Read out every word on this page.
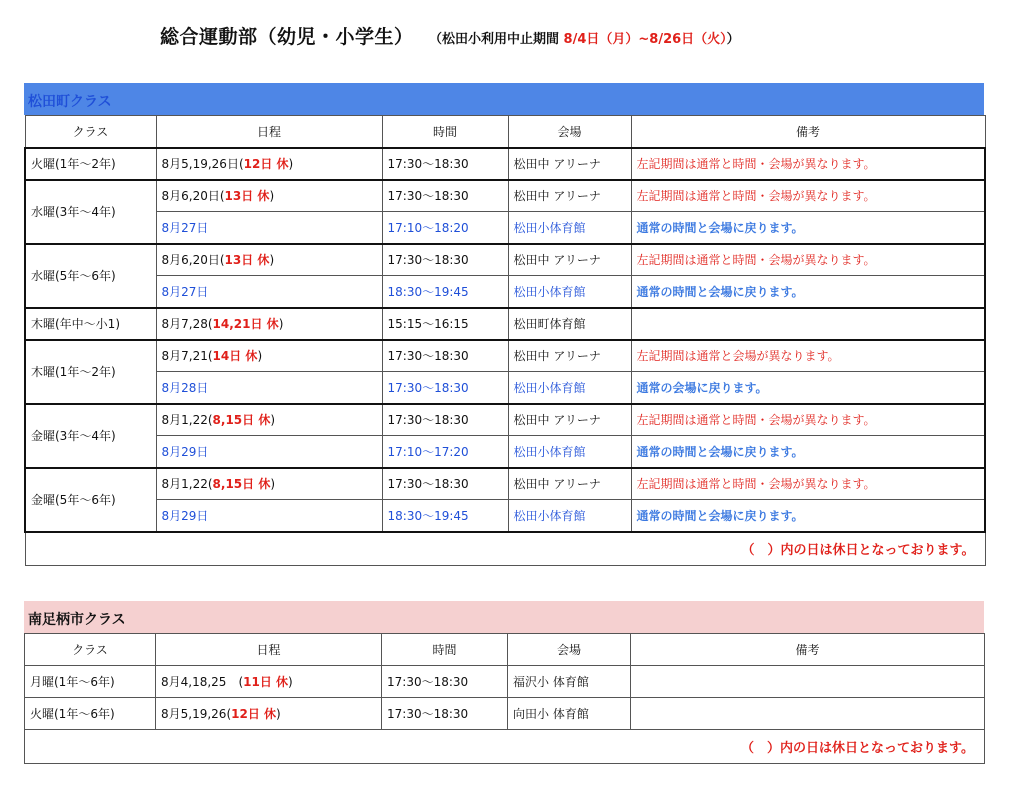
総合運動部（幼児・小学生） （松田小利用中止期間 8/4日（月）~8/26日（火））
松田町クラス
クラス	日程	時間	会場	備考
火曜(1年～2年)	8月5,19,26日(12日 休)	17:30～18:30	松田中 アリーナ	左記期間は通常と時間・会場が異なります。
水曜(3年～4年)	8月6,20日(13日 休)	17:30～18:30	松田中 アリーナ	左記期間は通常と時間・会場が異なります。
	8月27日	17:10～18:20	松田小体育館	通常の時間と会場に戻ります。
水曜(5年～6年)	8月6,20日(13日 休)	17:30～18:30	松田中 アリーナ	左記期間は通常と時間・会場が異なります。
	8月27日	18:30～19:45	松田小体育館	通常の時間と会場に戻ります。
木曜(年中～小1)	8月7,28(14,21日 休)	15:15～16:15	松田町体育館	
木曜(1年～2年)	8月7,21(14日 休)	17:30～18:30	松田中 アリーナ	左記期間は通常と会場が異なります。
	8月28日	17:30～18:30	松田小体育館	通常の会場に戻ります。
金曜(3年～4年)	8月1,22(8,15日 休)	17:30～18:30	松田中 アリーナ	左記期間は通常と時間・会場が異なります。
	8月29日	17:10～17:20	松田小体育館	通常の時間と会場に戻ります。
金曜(5年～6年)	8月1,22(8,15日 休)	17:30～18:30	松田中 アリーナ	左記期間は通常と時間・会場が異なります。
	8月29日	18:30～19:45	松田小体育館	通常の時間と会場に戻ります。
（　）内の日は休日となっております。				
南足柄市クラス
クラス	日程	時間	会場	備考
月曜(1年～6年)	8月4,18,25　(11日 休)	17:30～18:30	福沢小 体育館	
火曜(1年～6年)	8月5,19,26(12日 休)	17:30～18:30	向田小 体育館	
（　）内の日は休日となっております。				
